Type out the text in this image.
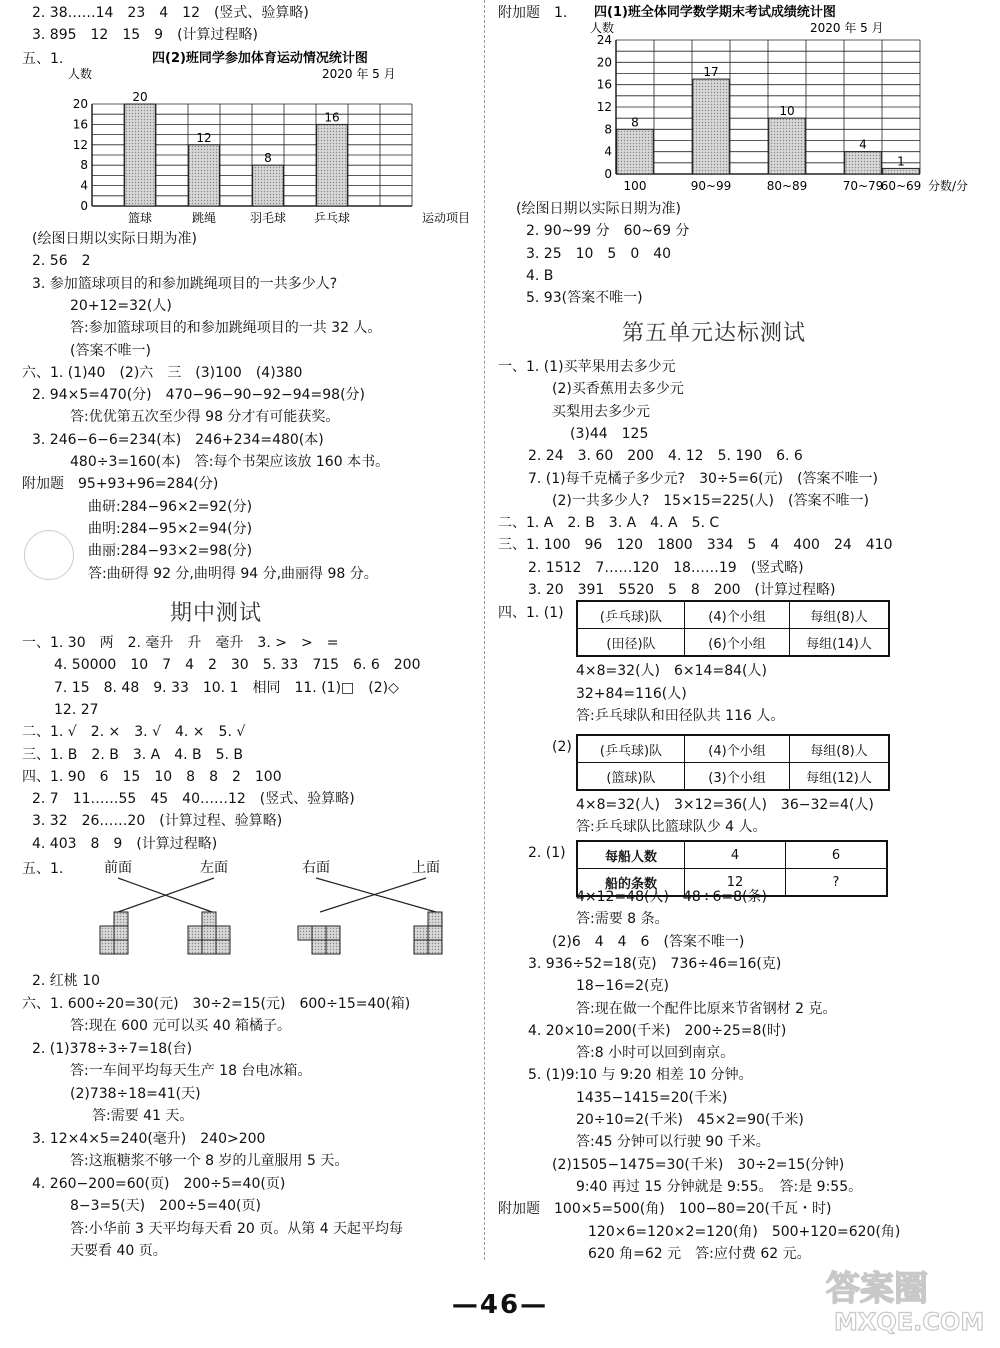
2. 38……14　23　4　12　(竖式、验算略)
3. 895　12　15　9　(计算过程略)
五、1.	四(2)班同学参加体育运动情况统计图
2020 年 5 月
人数
0
4
8
12
16
20	20
篮球
12
跳绳
8
羽毛球
16
乒乓球	运动项目
(绘图日期以实际日期为准)
2. 56　2
3. 参加篮球项目的和参加跳绳项目的一共多少人?
20+12=32(人)
答:参加篮球项目的和参加跳绳项目的一共 32 人。
(答案不唯一)
六、1. (1)40　(2)六　三　(3)100　(4)380
2. 94×5=470(分)　470−96−90−92−94=98(分)
答:优优第五次至少得 98 分才有可能获奖。
3. 246−6−6=234(本)　246+234=480(本)
480÷3=160(本)　答:每个书架应该放 160 本书。
附加题　95+93+96=284(分)
曲研:284−96×2=92(分)
曲明:284−95×2=94(分)
曲丽:284−93×2=98(分)
答:曲研得 92 分,曲明得 94 分,曲丽得 98 分。
期中测试
一、1. 30　两　2. 毫升　升　毫升　3. >　>　=
4. 50000　10　7　4　2　30　5. 33　715　6. 6　200
7. 15　8. 48　9. 33　10. 1　相同　11. (1)□　(2)◇
12. 27
二、1. √　2. ×　3. √　4. ×　5. √
三、1. B　2. B　3. A　4. B　5. B
四、1. 90　6　15　10　8　8　2　100
2. 7　11……55　45　40……12　(竖式、验算略)
3. 32　26……20　(计算过程、验算略)
4. 403　8　9　(计算过程略)
五、1.	前面	左面	右面	上面
2. 红桃 10
六、1. 600÷20=30(元)　30÷2=15(元)　600÷15=40(箱)
答:现在 600 元可以买 40 箱橘子。
2. (1)378÷3÷7=18(台)
答:一车间平均每天生产 18 台电冰箱。
(2)738÷18=41(天)
答:需要 41 天。
3. 12×4×5=240(毫升)　240>200
答:这瓶糖浆不够一个 8 岁的儿童服用 5 天。
4. 260−200=60(页)　200÷5=40(页)
8−3=5(天)　200÷5=40(页)
答:小华前 3 天平均每天看 20 页。从第 4 天起平均每
天要看 40 页。
附加题　1. 四(1)班全体同学数学期末考试成绩统计图
2020 年 5 月
人数
0
4
8
12
16
20
24
8
100
17
90~99
10
80~89
4
70~79
1
60~69 分数/分
(绘图日期以实际日期为准)
2. 90~99 分　60~69 分
3. 25　10　5　0　40
4. B
5. 93(答案不唯一)
第五单元达标测试
一、1. (1)买苹果用去多少元
(2)买香蕉用去多少元
买梨用去多少元
(3)44　125
2. 24　3. 60　200　4. 12　5. 190　6. 6
7. (1)每千克橘子多少元?　30÷5=6(元)　(答案不唯一)
(2)一共多少人?　15×15=225(人)　(答案不唯一)
二、1. A　2. B　3. A　4. A　5. C
三、1. 100　96　120　1800　334　5　4　400　24　410
2. 1512　7……120　18……19　(竖式略)
3. 20　391　5520　5　8　200　(计算过程略)
四、1. (1)	(乒乓球)队	(4)个小组	每组(8)人
(田径)队	(6)个小组	每组(14)人
4×8=32(人)　6×14=84(人)
32+84=116(人)
答:乒乓球队和田径队共 116 人。
(2) (乒乓球)队	(4)个小组	每组(8)人
(篮球)队	(3)个小组	每组(12)人
4×8=32(人)　3×12=36(人)　36−32=4(人)
答:乒乓球队比篮球队少 4 人。
2. (1)	每船人数	4	6
船的条数	12	?
4×12=48(人)　48÷6=8(条)
答:需要 8 条。
(2)6　4　4　6　(答案不唯一)
3. 936÷52=18(克)　736÷46=16(克)
18−16=2(克)
答:现在做一个配件比原来节省钢材 2 克。
4. 20×10=200(千米)　200÷25=8(时)
答:8 小时可以回到南京。
5. (1)9:10 与 9:20 相差 10 分钟。
1435−1415=20(千米)
20÷10=2(千米)　45×2=90(千米)
答:45 分钟可以行驶 90 千米。
(2)1505−1475=30(千米)　30÷2=15(分钟)
9:40 再过 15 分钟就是 9:55。　答:是 9:55。
附加题　100×5=500(角)　100−80=20(千瓦・时)
120×6=120×2=120(角)　500+120=620(角)
620 角=62 元　答:应付费 62 元。
—46—	答案圈
MXQE.COM
